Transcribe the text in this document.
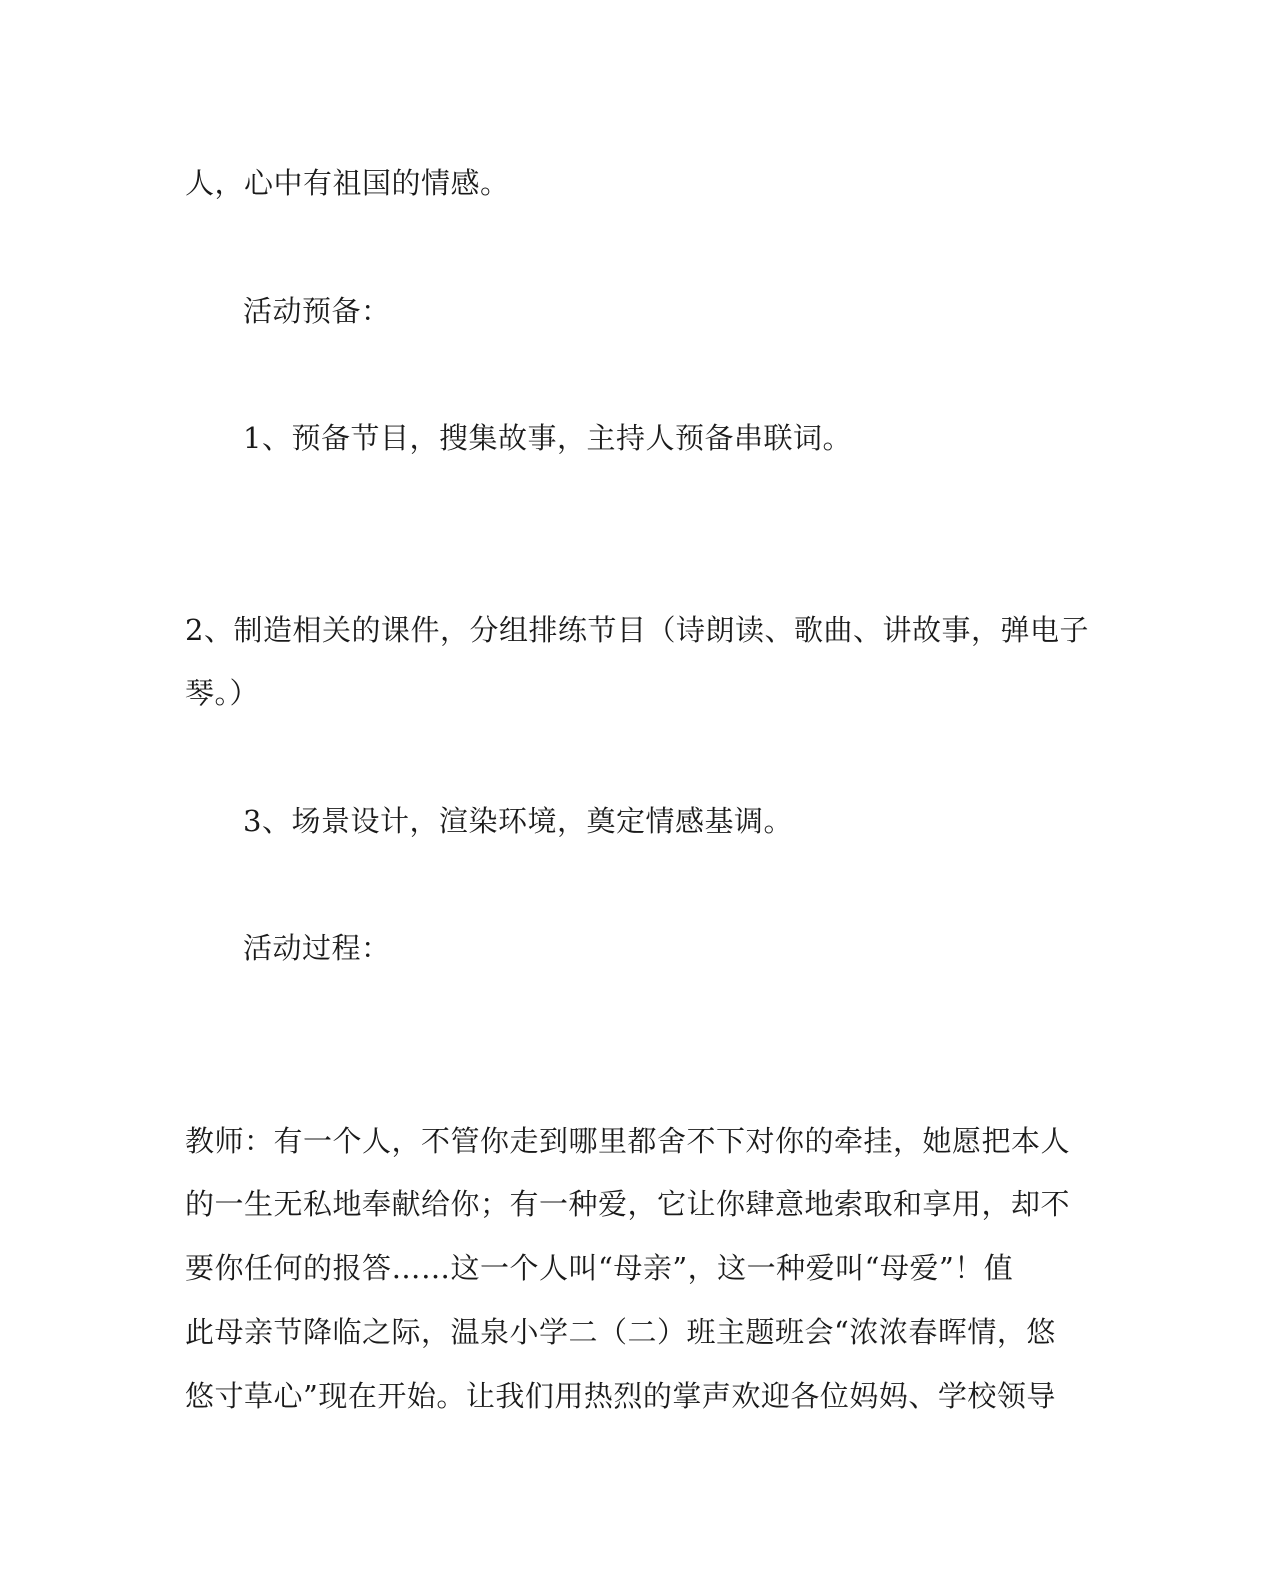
人，心中有祖国的情感。
活动预备：
1、预备节目，搜集故事，主持人预备串联词。
2、制造相关的课件，分组排练节目（诗朗读、歌曲、讲故事，弹电子
琴。）
3、场景设计，渲染环境，奠定情感基调。
活动过程：
教师：有一个人，不管你走到哪里都舍不下对你的牵挂，她愿把本人
的一生无私地奉献给你；有一种爱，它让你肆意地索取和享用，却不
要你任何的报答……这一个人叫“母亲”，这一种爱叫“母爱”！值
此母亲节降临之际，温泉小学二（二）班主题班会“浓浓春晖情，悠
悠寸草心”现在开始。让我们用热烈的掌声欢迎各位妈妈、学校领导
